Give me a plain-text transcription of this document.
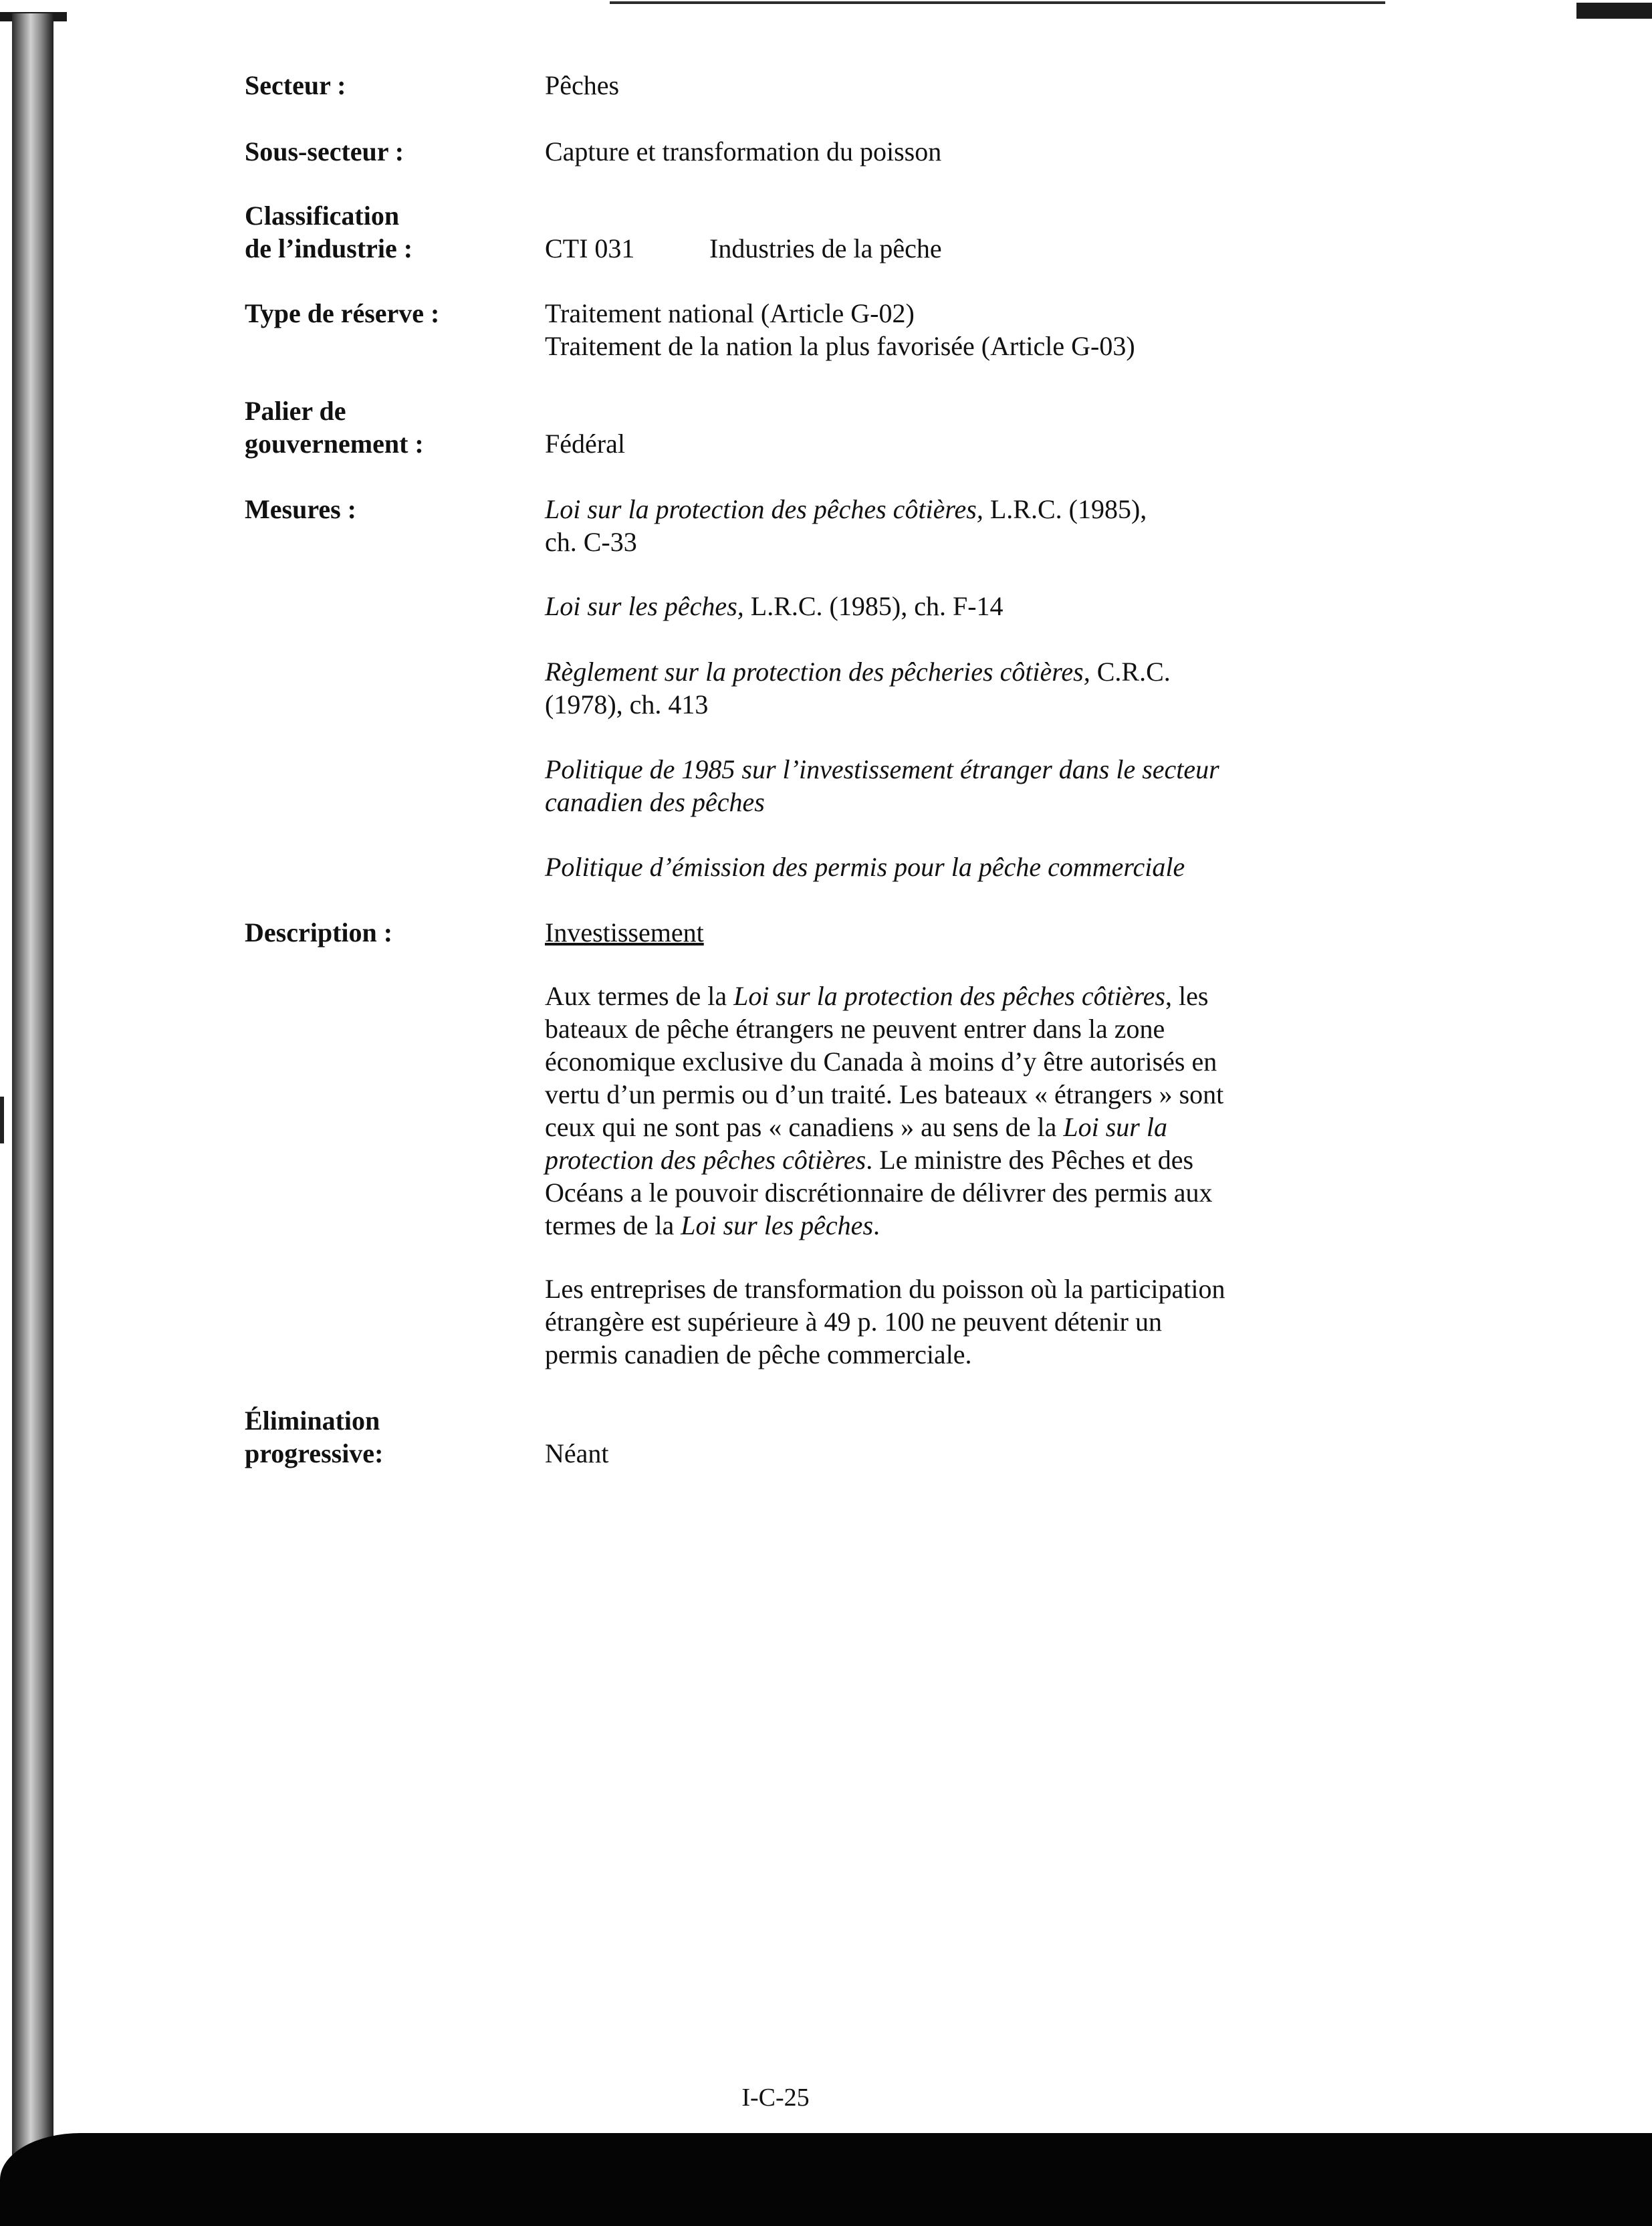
Secteur :	Pêches
Sous-secteur :	Capture et transformation du poisson
Classification
de l’industrie :	CTI 031	Industries de la pêche
Type de réserve :	Traitement national (Article G-02)
Traitement de la nation la plus favorisée (Article G-03)
Palier de
gouvernement :	Fédéral
Mesures :	Loi sur la protection des pêches côtières, L.R.C. (1985),
ch. C-33
Loi sur les pêches, L.R.C. (1985), ch. F-14
Règlement sur la protection des pêcheries côtières, C.R.C.
(1978), ch. 413
Politique de 1985 sur l’investissement étranger dans le secteur
canadien des pêches
Politique d’émission des permis pour la pêche commerciale
Description :	Investissement
Aux termes de la Loi sur la protection des pêches côtières, les
bateaux de pêche étrangers ne peuvent entrer dans la zone
économique exclusive du Canada à moins d’y être autorisés en
vertu d’un permis ou d’un traité. Les bateaux « étrangers » sont
ceux qui ne sont pas « canadiens » au sens de la Loi sur la
protection des pêches côtières. Le ministre des Pêches et des
Océans a le pouvoir discrétionnaire de délivrer des permis aux
termes de la Loi sur les pêches.
Les entreprises de transformation du poisson où la participation
étrangère est supérieure à 49 p. 100 ne peuvent détenir un
permis canadien de pêche commerciale.
Élimination
progressive:	Néant
I-C-25
